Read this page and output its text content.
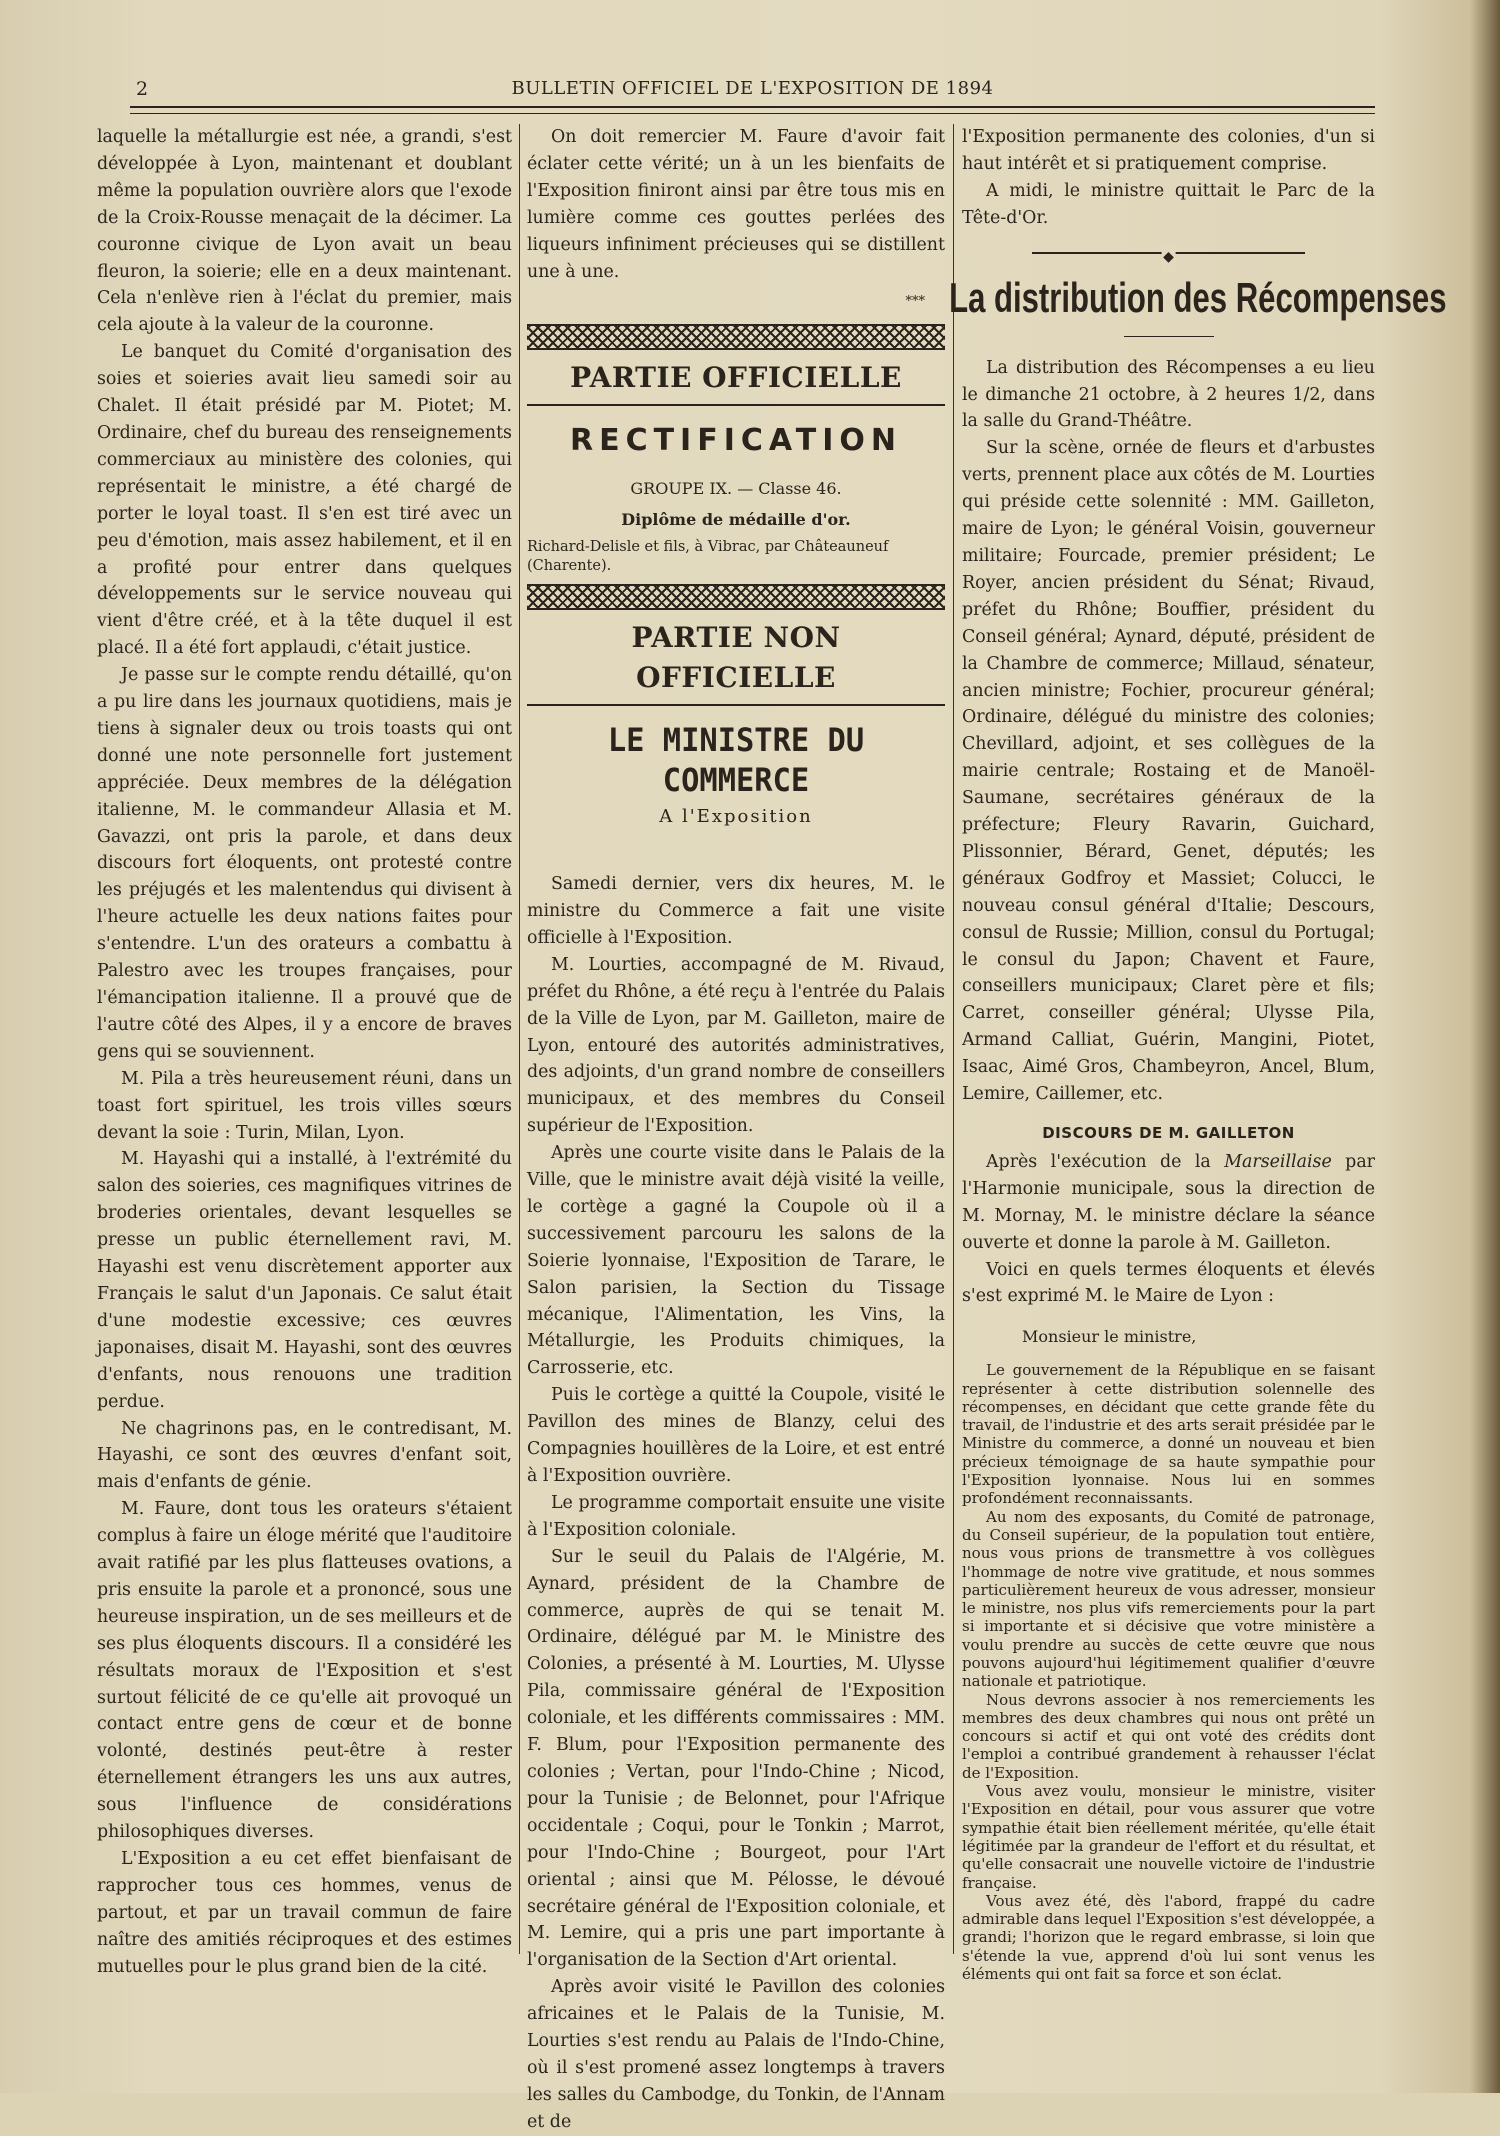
2	BULLETIN OFFICIEL DE L'EXPOSITION DE 1894

laquelle la métallurgie est née, a grandi, s'est développée à Lyon, maintenant et doublant même la population ouvrière alors que l'exode de la Croix-Rousse menaçait de la décimer. La couronne civique de Lyon avait un beau fleuron, la soierie; elle en a deux maintenant. Cela n'enlève rien à l'éclat du premier, mais cela ajoute à la valeur de la couronne.

Le banquet du Comité d'organisation des soies et soieries avait lieu samedi soir au Chalet. Il était présidé par M. Piotet; M. Ordinaire, chef du bureau des renseignements commerciaux au ministère des colonies, qui représentait le ministre, a été chargé de porter le loyal toast. Il s'en est tiré avec un peu d'émotion, mais assez habilement, et il en a profité pour entrer dans quelques développements sur le service nouveau qui vient d'être créé, et à la tête duquel il est placé. Il a été fort applaudi, c'était justice.

Je passe sur le compte rendu détaillé, qu'on a pu lire dans les journaux quotidiens, mais je tiens à signaler deux ou trois toasts qui ont donné une note personnelle fort justement appréciée. Deux membres de la délégation italienne, M. le commandeur Allasia et M. Gavazzi, ont pris la parole, et dans deux discours fort éloquents, ont protesté contre les préjugés et les malentendus qui divisent à l'heure actuelle les deux nations faites pour s'entendre. L'un des orateurs a combattu à Palestro avec les troupes françaises, pour l'émancipation italienne. Il a prouvé que de l'autre côté des Alpes, il y a encore de braves gens qui se souviennent.

M. Pila a très heureusement réuni, dans un toast fort spirituel, les trois villes sœurs devant la soie : Turin, Milan, Lyon.

M. Hayashi qui a installé, à l'extrémité du salon des soieries, ces magnifiques vitrines de broderies orientales, devant lesquelles se presse un public éternellement ravi, M. Hayashi est venu discrètement apporter aux Français le salut d'un Japonais. Ce salut était d'une modestie excessive; ces œuvres japonaises, disait M. Hayashi, sont des œuvres d'enfants, nous renouons une tradition perdue.

Ne chagrinons pas, en le contredisant, M. Hayashi, ce sont des œuvres d'enfant soit, mais d'enfants de génie.

M. Faure, dont tous les orateurs s'étaient complus à faire un éloge mérité que l'auditoire avait ratifié par les plus flatteuses ovations, a pris ensuite la parole et a prononcé, sous une heureuse inspiration, un de ses meilleurs et de ses plus éloquents discours. Il a considéré les résultats moraux de l'Exposition et s'est surtout félicité de ce qu'elle ait provoqué un contact entre gens de cœur et de bonne volonté, destinés peut-être à rester éternellement étrangers les uns aux autres, sous l'influence de considérations philosophiques diverses.

L'Exposition a eu cet effet bienfaisant de rapprocher tous ces hommes, venus de partout, et par un travail commun de faire naître des amitiés réciproques et des estimes mutuelles pour le plus grand bien de la cité.

On doit remercier M. Faure d'avoir fait éclater cette vérité; un à un les bienfaits de l'Exposition finiront ainsi par être tous mis en lumière comme ces gouttes perlées des liqueurs infiniment précieuses qui se distillent une à une.

***
PARTIE OFFICIELLE
RECTIFICATION
GROUPE IX. — Classe 46.
Diplôme de médaille d'or.
Richard-Delisle et fils, à Vibrac, par Châteauneuf (Charente).
PARTIE NON OFFICIELLE
LE MINISTRE DU COMMERCE
A l'Exposition

Samedi dernier, vers dix heures, M. le ministre du Commerce a fait une visite officielle à l'Exposition.

M. Lourties, accompagné de M. Rivaud, préfet du Rhône, a été reçu à l'entrée du Palais de la Ville de Lyon, par M. Gailleton, maire de Lyon, entouré des autorités administratives, des adjoints, d'un grand nombre de conseillers municipaux, et des membres du Conseil supérieur de l'Exposition.

Après une courte visite dans le Palais de la Ville, que le ministre avait déjà visité la veille, le cortège a gagné la Coupole où il a successivement parcouru les salons de la Soierie lyonnaise, l'Exposition de Tarare, le Salon parisien, la Section du Tissage mécanique, l'Alimentation, les Vins, la Métallurgie, les Produits chimiques, la Carrosserie, etc.

Puis le cortège a quitté la Coupole, visité le Pavillon des mines de Blanzy, celui des Compagnies houillères de la Loire, et est entré à l'Exposition ouvrière.

Le programme comportait ensuite une visite à l'Exposition coloniale.

Sur le seuil du Palais de l'Algérie, M. Aynard, président de la Chambre de commerce, auprès de qui se tenait M. Ordinaire, délégué par M. le Ministre des Colonies, a présenté à M. Lourties, M. Ulysse Pila, commissaire général de l'Exposition coloniale, et les différents commissaires : MM. F. Blum, pour l'Exposition permanente des colonies ; Vertan, pour l'Indo-Chine ; Nicod, pour la Tunisie ; de Belonnet, pour l'Afrique occidentale ; Coqui, pour le Tonkin ; Marrot, pour l'Indo-Chine ; Bourgeot, pour l'Art oriental ; ainsi que M. Pélosse, le dévoué secrétaire général de l'Exposition coloniale, et M. Lemire, qui a pris une part importante à l'organisation de la Section d'Art oriental.

Après avoir visité le Pavillon des colonies africaines et le Palais de la Tunisie, M. Lourties s'est rendu au Palais de l'Indo-Chine, où il s'est promené assez longtemps à travers les salles du Cambodge, du Tonkin, de l'Annam et de

l'Exposition permanente des colonies, d'un si haut intérêt et si pratiquement comprise.

A midi, le ministre quittait le Parc de la Tête-d'Or.

◆
La distribution des Récompenses

La distribution des Récompenses a eu lieu le dimanche 21 octobre, à 2 heures 1/2, dans la salle du Grand-Théâtre.

Sur la scène, ornée de fleurs et d'arbustes verts, prennent place aux côtés de M. Lourties qui préside cette solennité : MM. Gailleton, maire de Lyon; le général Voisin, gouverneur militaire; Fourcade, premier président; Le Royer, ancien président du Sénat; Rivaud, préfet du Rhône; Bouffier, président du Conseil général; Aynard, député, président de la Chambre de commerce; Millaud, sénateur, ancien ministre; Fochier, procureur général; Ordinaire, délégué du ministre des colonies; Chevillard, adjoint, et ses collègues de la mairie centrale; Rostaing et de Manoël-Saumane, secrétaires généraux de la préfecture; Fleury Ravarin, Guichard, Plissonnier, Bérard, Genet, députés; les généraux Godfroy et Massiet; Colucci, le nouveau consul général d'Italie; Descours, consul de Russie; Million, consul du Portugal; le consul du Japon; Chavent et Faure, conseillers municipaux; Claret père et fils; Carret, conseiller général; Ulysse Pila, Armand Calliat, Guérin, Mangini, Piotet, Isaac, Aimé Gros, Chambeyron, Ancel, Blum, Lemire, Caillemer, etc.

DISCOURS DE M. GAILLETON

Après l'exécution de la Marseillaise par l'Harmonie municipale, sous la direction de M. Mornay, M. le ministre déclare la séance ouverte et donne la parole à M. Gailleton.

Voici en quels termes éloquents et élevés s'est exprimé M. le Maire de Lyon :

Monsieur le ministre,

Le gouvernement de la République en se faisant représenter à cette distribution solennelle des récompenses, en décidant que cette grande fête du travail, de l'industrie et des arts serait présidée par le Ministre du commerce, a donné un nouveau et bien précieux témoignage de sa haute sympathie pour l'Exposition lyonnaise. Nous lui en sommes profondément reconnaissants.

Au nom des exposants, du Comité de patronage, du Conseil supérieur, de la population tout entière, nous vous prions de transmettre à vos collègues l'hommage de notre vive gratitude, et nous sommes particulièrement heureux de vous adresser, monsieur le ministre, nos plus vifs remerciements pour la part si importante et si décisive que votre ministère a voulu prendre au succès de cette œuvre que nous pouvons aujourd'hui légitimement qualifier d'œuvre nationale et patriotique.

Nous devrons associer à nos remerciements les membres des deux chambres qui nous ont prêté un concours si actif et qui ont voté des crédits dont l'emploi a contribué grandement à rehausser l'éclat de l'Exposition.

Vous avez voulu, monsieur le ministre, visiter l'Exposition en détail, pour vous assurer que votre sympathie était bien réellement méritée, qu'elle était légitimée par la grandeur de l'effort et du résultat, et qu'elle consacrait une nouvelle victoire de l'industrie française.

Vous avez été, dès l'abord, frappé du cadre admirable dans lequel l'Exposition s'est développée, a grandi; l'horizon que le regard embrasse, si loin que s'étende la vue, apprend d'où lui sont venus les éléments qui ont fait sa force et son éclat.
